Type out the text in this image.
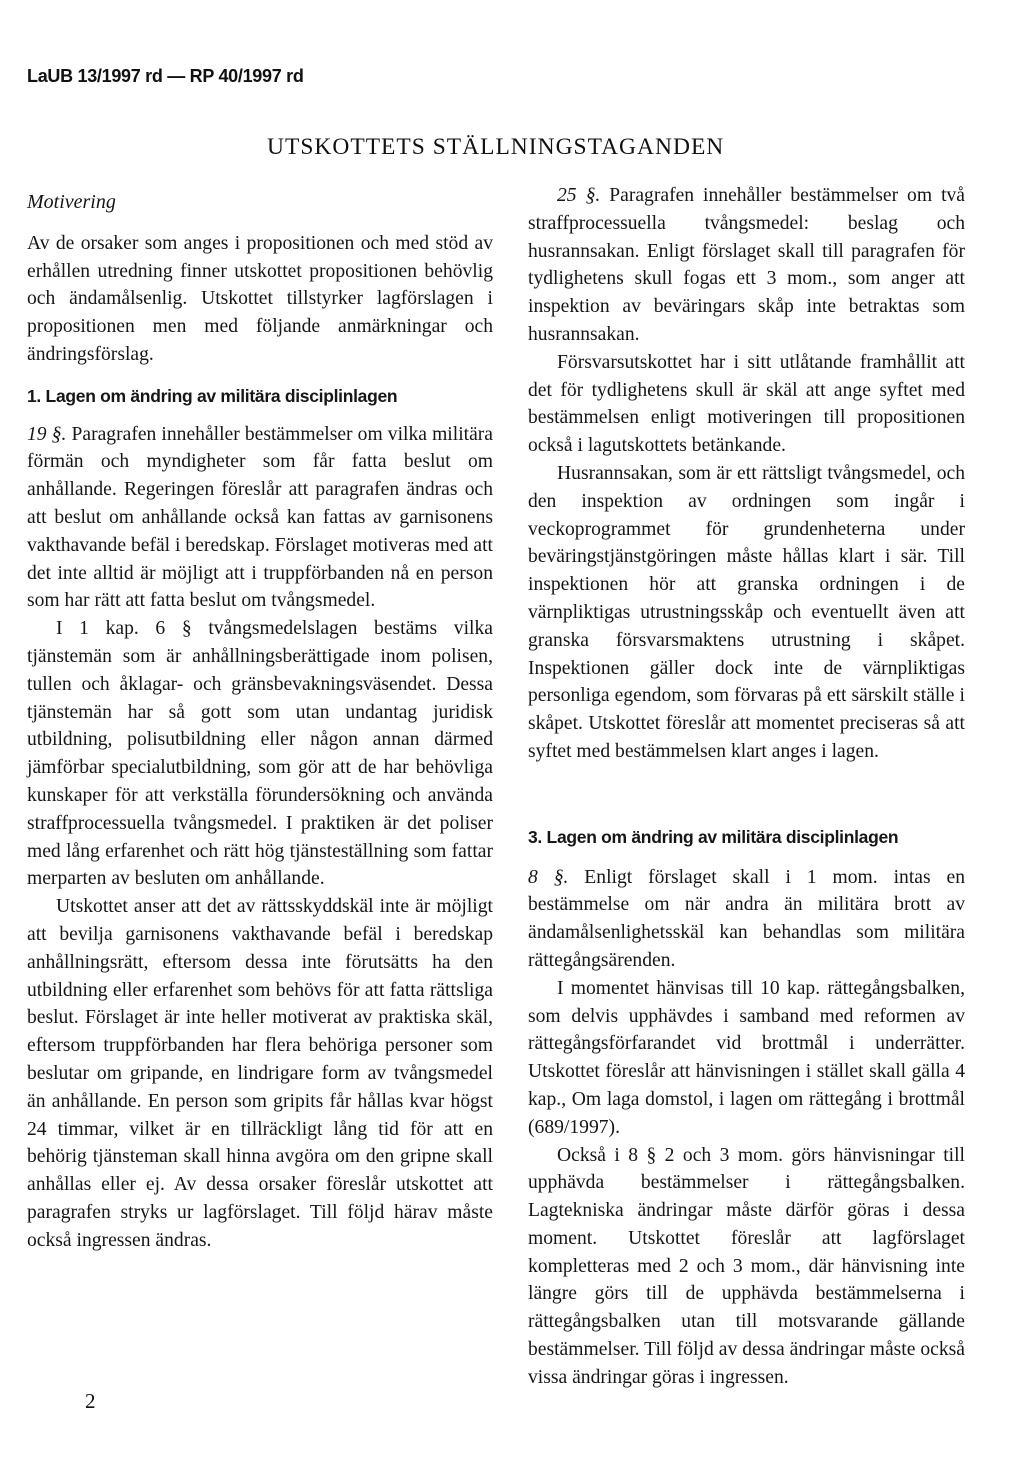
LaUB 13/1997 rd — RP 40/1997 rd
UTSKOTTETS STÄLLNINGSTAGANDEN
Motivering

Av de orsaker som anges i propositionen och med stöd av erhållen utredning finner utskottet propositionen behövlig och ändamålsenlig. Utskottet tillstyrker lagförslagen i propositionen men med följande anmärkningar och ändringsförslag.

1. Lagen om ändring av militära disciplinlagen

19 §. Paragrafen innehåller bestämmelser om vilka militära förmän och myndigheter som får fatta beslut om anhållande. Regeringen föreslår att paragrafen ändras och att beslut om anhållande också kan fattas av garnisonens vakthavande befäl i beredskap. Förslaget motiveras med att det inte alltid är möjligt att i truppförbanden nå en person som har rätt att fatta beslut om tvångsmedel.

I 1 kap. 6 § tvångsmedelslagen bestäms vilka tjänstemän som är anhållningsberättigade inom polisen, tullen och åklagar- och gränsbevakningsväsendet. Dessa tjänstemän har så gott som utan undantag juridisk utbildning, polisutbildning eller någon annan därmed jämförbar specialutbildning, som gör att de har behövliga kunskaper för att verkställa förundersökning och använda straffprocessuella tvångsmedel. I praktiken är det poliser med lång erfarenhet och rätt hög tjänsteställning som fattar merparten av besluten om anhållande.

Utskottet anser att det av rättsskyddskäl inte är möjligt att bevilja garnisonens vakthavande befäl i beredskap anhållningsrätt, eftersom dessa inte förutsätts ha den utbildning eller erfarenhet som behövs för att fatta rättsliga beslut. Förslaget är inte heller motiverat av praktiska skäl, eftersom truppförbanden har flera behöriga personer som beslutar om gripande, en lindrigare form av tvångsmedel än anhållande. En person som gripits får hållas kvar högst 24 timmar, vilket är en tillräckligt lång tid för att en behörig tjänsteman skall hinna avgöra om den gripne skall anhållas eller ej. Av dessa orsaker föreslår utskottet att paragrafen stryks ur lagförslaget. Till följd härav måste också ingressen ändras.

25 §. Paragrafen innehåller bestämmelser om två straffprocessuella tvångsmedel: beslag och husrannsakan. Enligt förslaget skall till paragrafen för tydlighetens skull fogas ett 3 mom., som anger att inspektion av beväringars skåp inte betraktas som husrannsakan.

Försvarsutskottet har i sitt utlåtande framhållit att det för tydlighetens skull är skäl att ange syftet med bestämmelsen enligt motiveringen till propositionen också i lagutskottets betänkande.

Husrannsakan, som är ett rättsligt tvångsmedel, och den inspektion av ordningen som ingår i veckoprogrammet för grundenheterna under beväringstjänstgöringen måste hållas klart i sär. Till inspektionen hör att granska ordningen i de värnpliktigas utrustningsskåp och eventuellt även att granska försvarsmaktens utrustning i skåpet. Inspektionen gäller dock inte de värnpliktigas personliga egendom, som förvaras på ett särskilt ställe i skåpet. Utskottet föreslår att momentet preciseras så att syftet med bestämmelsen klart anges i lagen.

3. Lagen om ändring av militära disciplinlagen

8 §. Enligt förslaget skall i 1 mom. intas en bestämmelse om när andra än militära brott av ändamålsenlighetsskäl kan behandlas som militära rättegångsärenden.

I momentet hänvisas till 10 kap. rättegångsbalken, som delvis upphävdes i samband med reformen av rättegångsförfarandet vid brottmål i underrätter. Utskottet föreslår att hänvisningen i stället skall gälla 4 kap., Om laga domstol, i lagen om rättegång i brottmål (689/1997).

Också i 8 § 2 och 3 mom. görs hänvisningar till upphävda bestämmelser i rättegångsbalken. Lagtekniska ändringar måste därför göras i dessa moment. Utskottet föreslår att lagförslaget kompletteras med 2 och 3 mom., där hänvisning inte längre görs till de upphävda bestämmelserna i rättegångsbalken utan till motsvarande gällande bestämmelser. Till följd av dessa ändringar måste också vissa ändringar göras i ingressen.

2
